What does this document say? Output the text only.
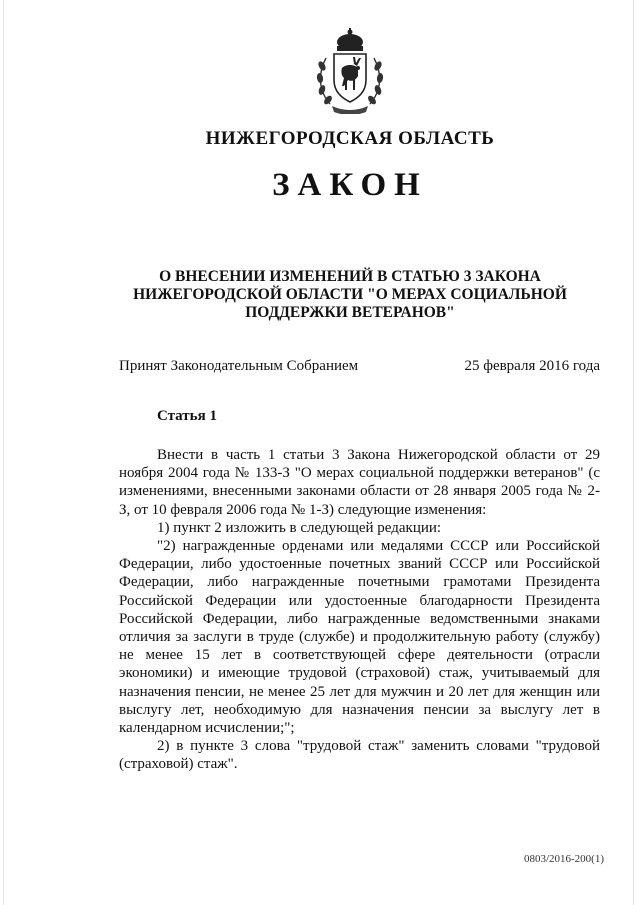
НИЖЕГОРОДСКАЯ ОБЛАСТЬ
ЗАКОН
О ВНЕСЕНИИ ИЗМЕНЕНИЙ В СТАТЬЮ 3 ЗАКОНА
НИЖЕГОРОДСКОЙ ОБЛАСТИ "О МЕРАХ СОЦИАЛЬНОЙ
ПОДДЕРЖКИ ВЕТЕРАНОВ"
Принят Законодательным Собранием	25 февраля 2016 года
Статья 1

Внести в часть 1 статьи 3 Закона Нижегородской области от 29 ноября 2004 года № 133-З "О мерах социальной поддержки ветеранов" (с изменениями, внесенными законами области от 28 января 2005 года № 2-З, от 10 февраля 2006 года № 1-З) следующие изменения:

1) пункт 2 изложить в следующей редакции:

"2) награжденные орденами или медалями СССР или Российской Федерации, либо удостоенные почетных званий СССР или Российской Федерации, либо награжденные почетными грамотами Президента Российской Федерации или удостоенные благодарности Президента Российской Федерации, либо награжденные ведомственными знаками отличия за заслуги в труде (службе) и продолжительную работу (службу) не менее 15 лет в соответствующей сфере деятельности (отрасли экономики) и имеющие трудовой (страховой) стаж, учитываемый для назначения пенсии, не менее 25 лет для мужчин и 20 лет для женщин или выслугу лет, необходимую для назначения пенсии за выслугу лет в календарном исчислении;";

2) в пункте 3 слова "трудовой стаж" заменить словами "трудовой (страховой) стаж".

0803/2016-200(1)
